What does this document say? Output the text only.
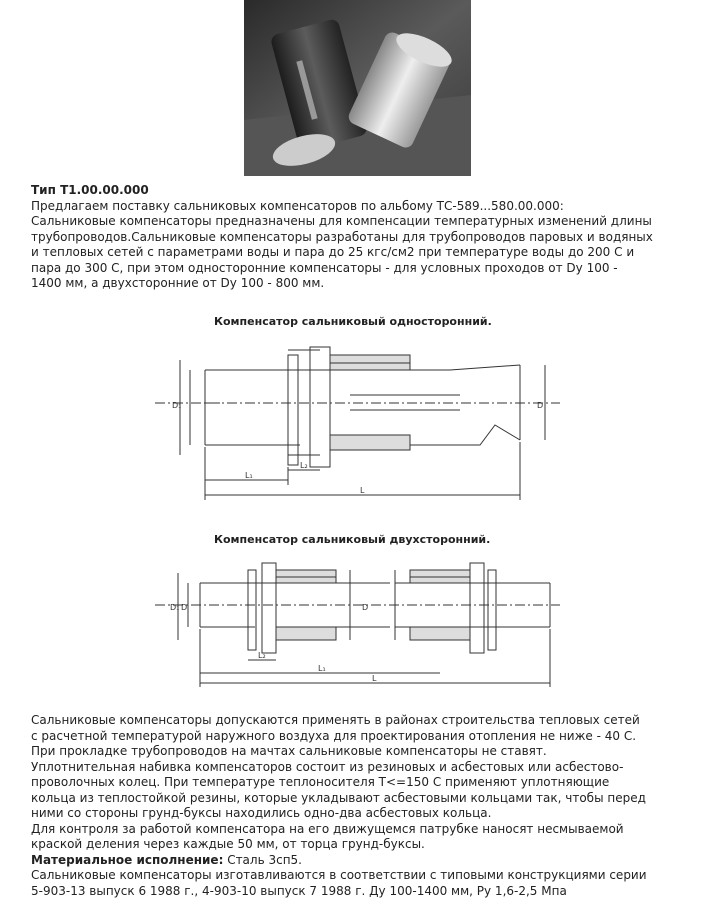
Тип Т1.00.00.000

Предлагаем поставку сальниковых компенсаторов по альбому ТС-589...580.00.000:

Сальниковые компенсаторы предназначены для компенсации температурных изменений длины

трубопроводов.Сальниковые компенсаторы разработаны для трубопроводов паровых и водяных

и тепловых сетей с параметрами воды и пара до 25 кгс/см2 при температуре воды до 200 С и

пара до 300 С, при этом односторонние компенсаторы - для условных проходов от Dy 100 -

1400 мм, а двухсторонние от Dy 100 - 800 мм.

Компенсатор сальниковый односторонний.
D₁	D
L₁
L₂
L
Компенсатор сальниковый двухсторонний.
D₁ D	D
L₂
L₁
L

Сальниковые компенсаторы допускаются применять в районах строительства тепловых сетей

с расчетной температурой наружного воздуха для проектирования отопления не ниже - 40 С.

При прокладке трубопроводов на мачтах сальниковые компенсаторы не ставят.

Уплотнительная набивка компенсаторов состоит из резиновых и асбестовых или асбестово-

проволочных колец. При температуре теплоносителя Т<=150 С применяют уплотняющие

кольца из теплостойкой резины, которые укладывают асбестовыми кольцами так, чтобы перед

ними со стороны грунд-буксы находились одно-два асбестовых кольца.

Для контроля за работой компенсатора на его движущемся патрубке наносят несмываемой

краской деления через каждые 50 мм, от торца грунд-буксы.

Материальное исполнение: Сталь 3сп5.

Сальниковые компенсаторы изготавливаются в соответствии с типовыми конструкциями серии

5-903-13 выпуск 6 1988 г., 4-903-10 выпуск 7 1988 г. Ду 100-1400 мм, Ру 1,6-2,5 Мпа
